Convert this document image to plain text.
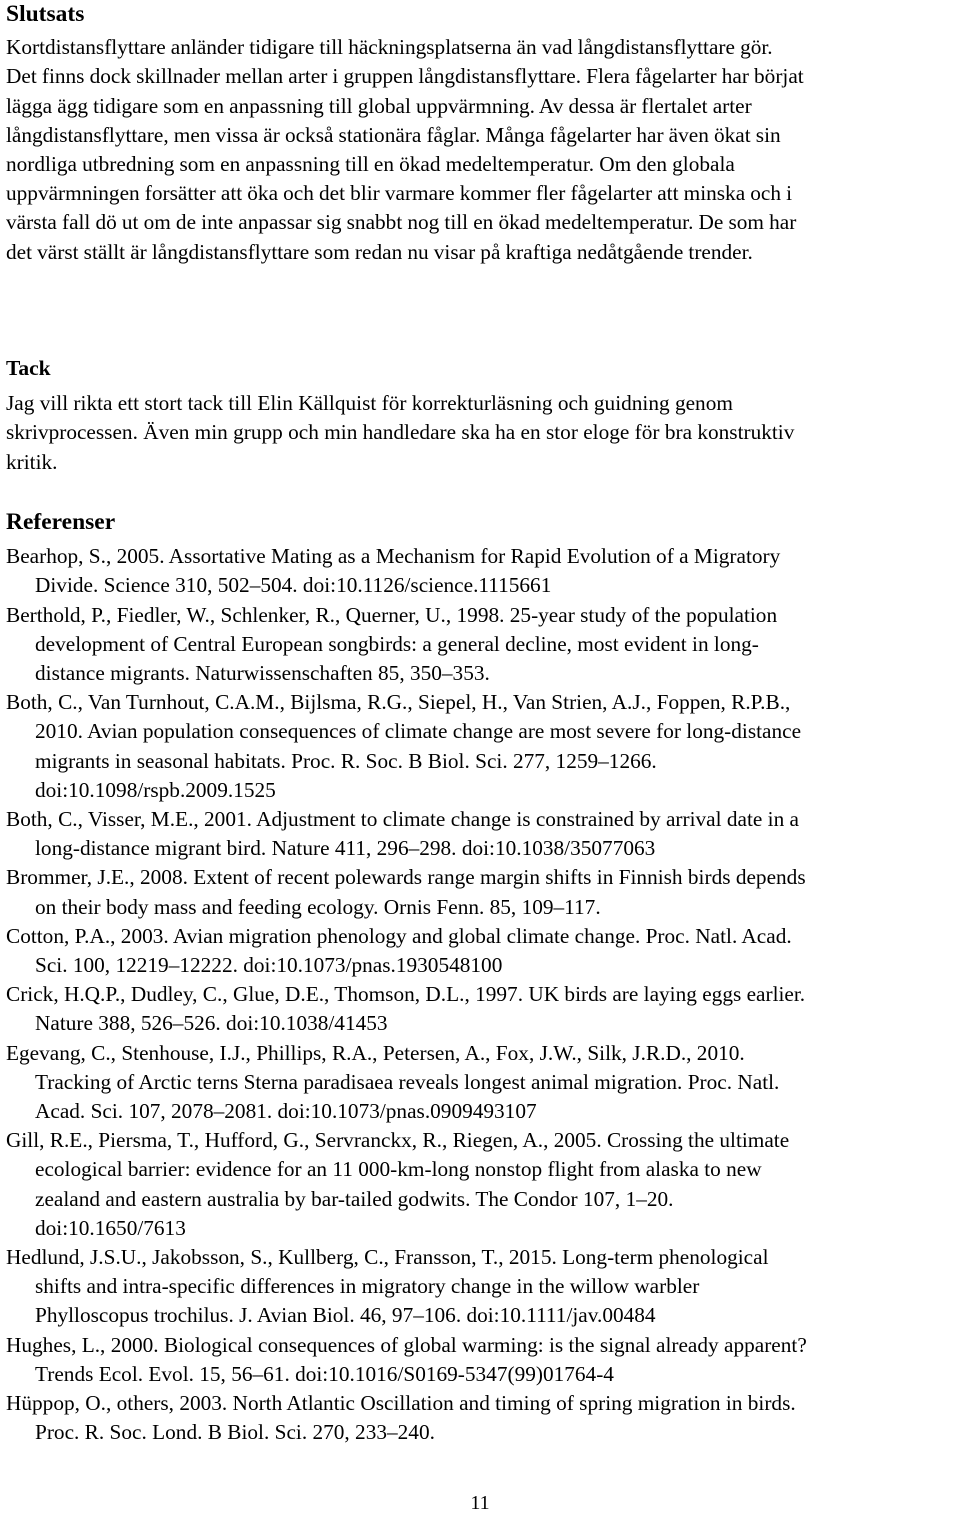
Slutsats

Kortdistansflyttare anländer tidigare till häckningsplatserna än vad långdistansflyttare gör.
Det finns dock skillnader mellan arter i gruppen långdistansflyttare. Flera fågelarter har börjat
lägga ägg tidigare som en anpassning till global uppvärmning. Av dessa är flertalet arter
långdistansflyttare, men vissa är också stationära fåglar. Många fågelarter har även ökat sin
nordliga utbredning som en anpassning till en ökad medeltemperatur. Om den globala
uppvärmningen forsätter att öka och det blir varmare kommer fler fågelarter att minska och i
värsta fall dö ut om de inte anpassar sig snabbt nog till en ökad medeltemperatur. De som har
det värst ställt är långdistansflyttare som redan nu visar på kraftiga nedåtgående trender.

Tack

Jag vill rikta ett stort tack till Elin Källquist för korrekturläsning och guidning genom
skrivprocessen. Även min grupp och min handledare ska ha en stor eloge för bra konstruktiv
kritik.

Referenser

Bearhop, S., 2005. Assortative Mating as a Mechanism for Rapid Evolution of a Migratory
Divide. Science 310, 502–504. doi:10.1126/science.1115661

Berthold, P., Fiedler, W., Schlenker, R., Querner, U., 1998. 25-year study of the population
development of Central European songbirds: a general decline, most evident in long-
distance migrants. Naturwissenschaften 85, 350–353.

Both, C., Van Turnhout, C.A.M., Bijlsma, R.G., Siepel, H., Van Strien, A.J., Foppen, R.P.B.,
2010. Avian population consequences of climate change are most severe for long-distance
migrants in seasonal habitats. Proc. R. Soc. B Biol. Sci. 277, 1259–1266.
doi:10.1098/rspb.2009.1525

Both, C., Visser, M.E., 2001. Adjustment to climate change is constrained by arrival date in a
long-distance migrant bird. Nature 411, 296–298. doi:10.1038/35077063

Brommer, J.E., 2008. Extent of recent polewards range margin shifts in Finnish birds depends
on their body mass and feeding ecology. Ornis Fenn. 85, 109–117.

Cotton, P.A., 2003. Avian migration phenology and global climate change. Proc. Natl. Acad.
Sci. 100, 12219–12222. doi:10.1073/pnas.1930548100

Crick, H.Q.P., Dudley, C., Glue, D.E., Thomson, D.L., 1997. UK birds are laying eggs earlier.
Nature 388, 526–526. doi:10.1038/41453

Egevang, C., Stenhouse, I.J., Phillips, R.A., Petersen, A., Fox, J.W., Silk, J.R.D., 2010.
Tracking of Arctic terns Sterna paradisaea reveals longest animal migration. Proc. Natl.
Acad. Sci. 107, 2078–2081. doi:10.1073/pnas.0909493107

Gill, R.E., Piersma, T., Hufford, G., Servranckx, R., Riegen, A., 2005. Crossing the ultimate
ecological barrier: evidence for an 11 000-km-long nonstop flight from alaska to new
zealand and eastern australia by bar-tailed godwits. The Condor 107, 1–20.
doi:10.1650/7613

Hedlund, J.S.U., Jakobsson, S., Kullberg, C., Fransson, T., 2015. Long-term phenological
shifts and intra-specific differences in migratory change in the willow warbler
Phylloscopus trochilus. J. Avian Biol. 46, 97–106. doi:10.1111/jav.00484

Hughes, L., 2000. Biological consequences of global warming: is the signal already apparent?
Trends Ecol. Evol. 15, 56–61. doi:10.1016/S0169-5347(99)01764-4

Hüppop, O., others, 2003. North Atlantic Oscillation and timing of spring migration in birds.
Proc. R. Soc. Lond. B Biol. Sci. 270, 233–240.

11
